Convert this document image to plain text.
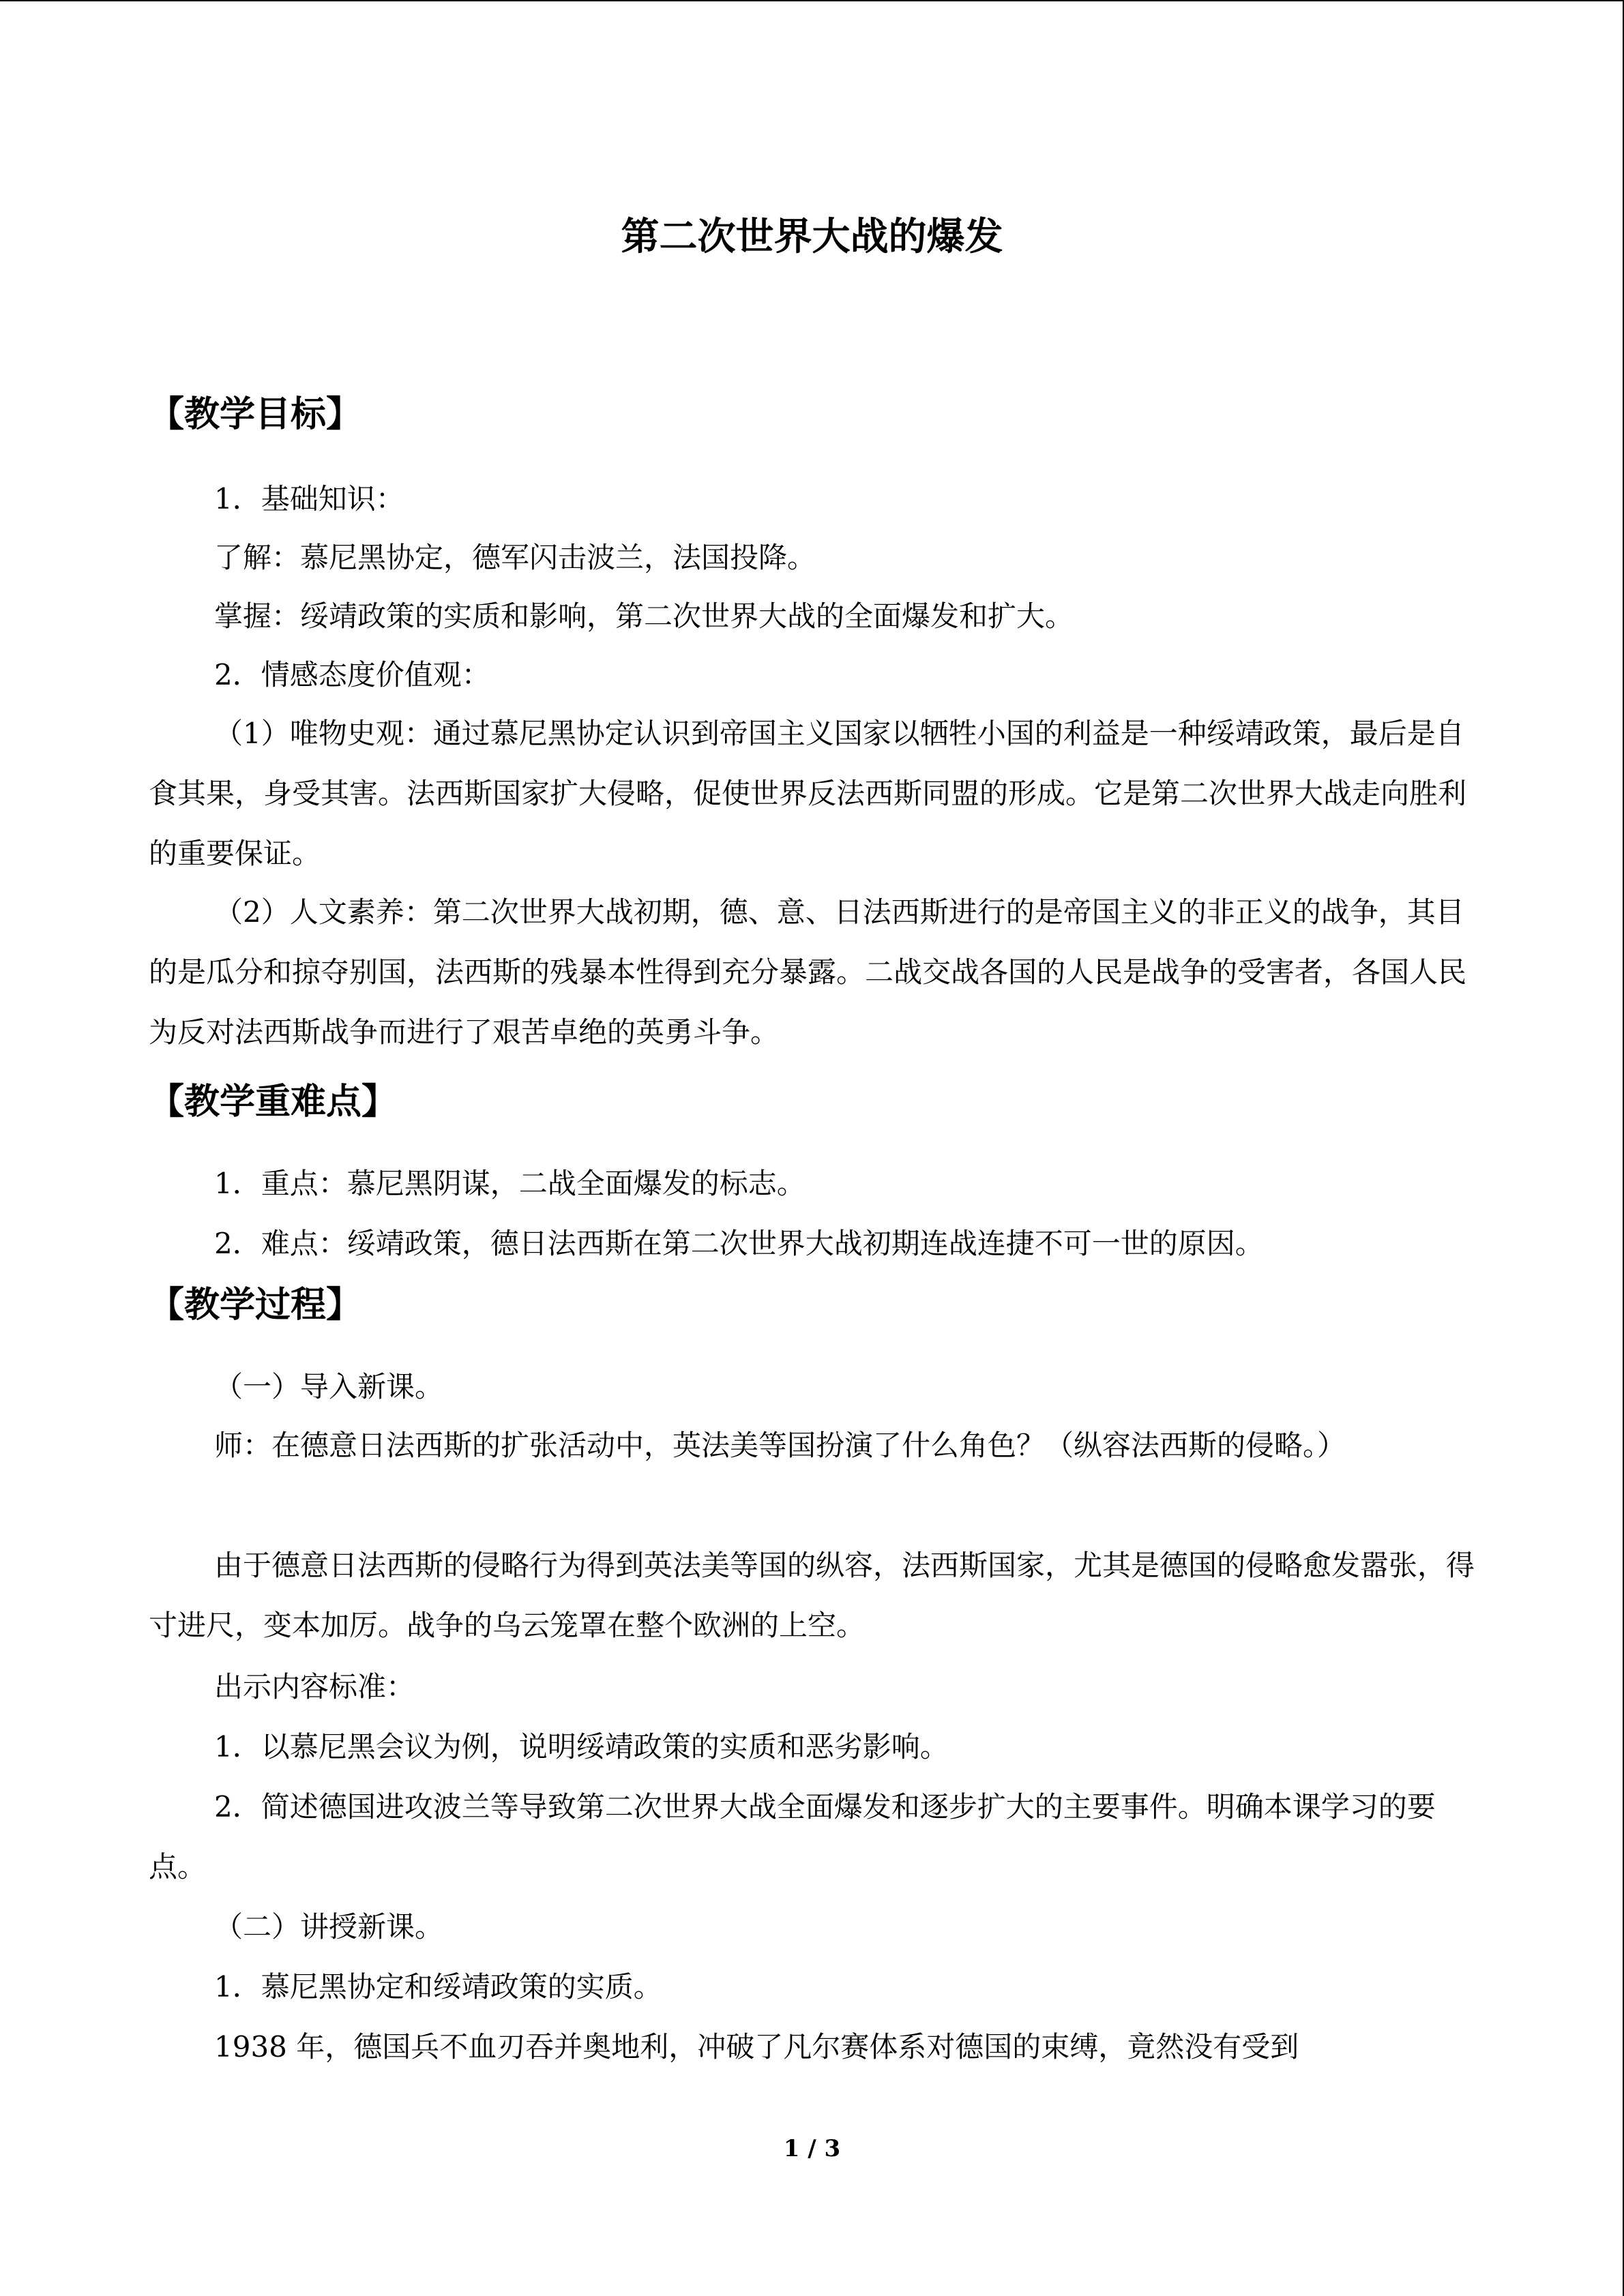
第二次世界大战的爆发
【教学目标】

1．基础知识：

了解：慕尼黑协定，德军闪击波兰，法国投降。

掌握：绥靖政策的实质和影响，第二次世界大战的全面爆发和扩大。

2．情感态度价值观：

（1）唯物史观：通过慕尼黑协定认识到帝国主义国家以牺牲小国的利益是一种绥靖政策，最后是自食其果，身受其害。法西斯国家扩大侵略，促使世界反法西斯同盟的形成。它是第二次世界大战走向胜利的重要保证。

（2）人文素养：第二次世界大战初期，德、意、日法西斯进行的是帝国主义的非正义的战争，其目的是瓜分和掠夺别国，法西斯的残暴本性得到充分暴露。二战交战各国的人民是战争的受害者，各国人民为反对法西斯战争而进行了艰苦卓绝的英勇斗争。

【教学重难点】

1．重点：慕尼黑阴谋，二战全面爆发的标志。

2．难点：绥靖政策，德日法西斯在第二次世界大战初期连战连捷不可一世的原因。

【教学过程】

（一）导入新课。

师：在德意日法西斯的扩张活动中，英法美等国扮演了什么角色？（纵容法西斯的侵略。）

由于德意日法西斯的侵略行为得到英法美等国的纵容，法西斯国家，尤其是德国的侵略愈发嚣张，得寸进尺，变本加厉。战争的乌云笼罩在整个欧洲的上空。

出示内容标准：

1．以慕尼黑会议为例，说明绥靖政策的实质和恶劣影响。

2．简述德国进攻波兰等导致第二次世界大战全面爆发和逐步扩大的主要事件。明确本课学习的要点。

（二）讲授新课。

1．慕尼黑协定和绥靖政策的实质。

1938 年，德国兵不血刃吞并奥地利，冲破了凡尔赛体系对德国的束缚，竟然没有受到

1 / 3
